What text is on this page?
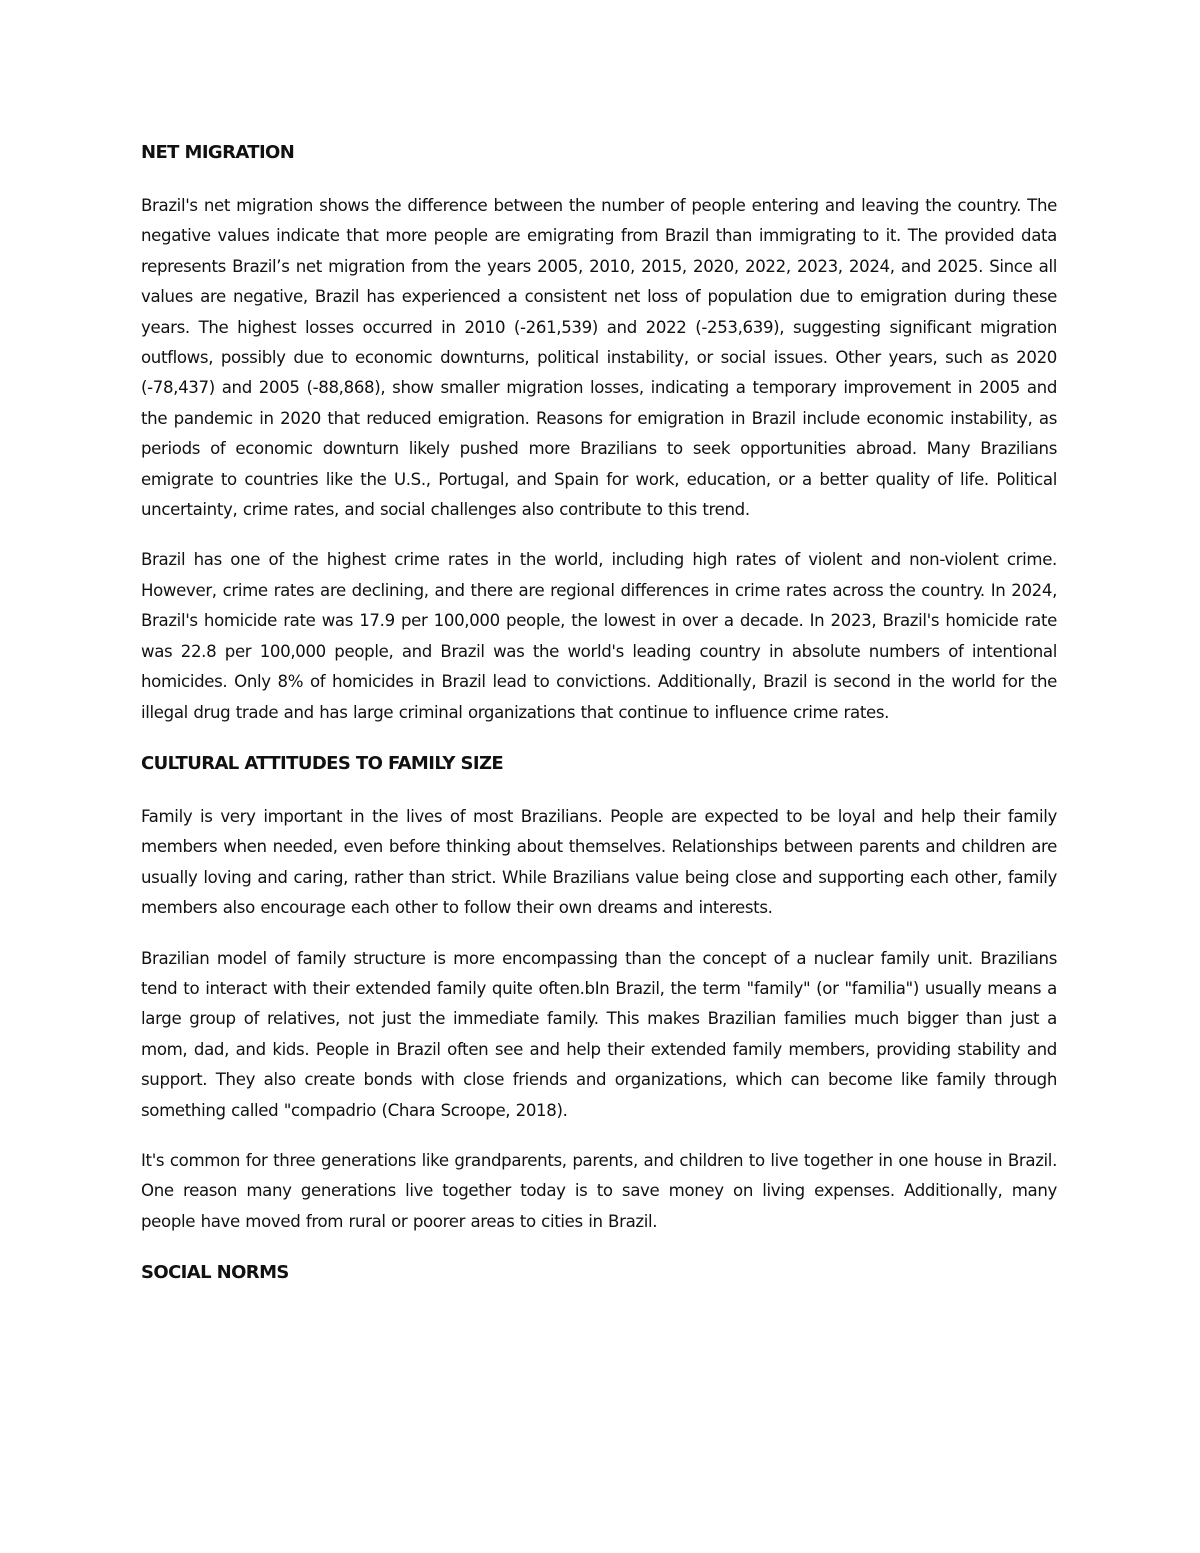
NET MIGRATION

Brazil's net migration shows the difference between the number of people entering and leaving the country. The negative values indicate that more people are emigrating from Brazil than immigrating to it. The provided data represents Brazil’s net migration from the years 2005, 2010, 2015, 2020, 2022, 2023, 2024, and 2025. Since all values are negative, Brazil has experienced a consistent net loss of population due to emigration during these years. The highest losses occurred in 2010 (-261,539) and 2022 (-253,639), suggesting significant migration outflows, possibly due to economic downturns, political instability, or social issues. Other years, such as 2020 (-78,437) and 2005 (-88,868), show smaller migration losses, indicating a temporary improvement in 2005 and the pandemic in 2020 that reduced emigration. Reasons for emigration in Brazil include economic instability, as periods of economic downturn likely pushed more Brazilians to seek opportunities abroad. Many Brazilians emigrate to countries like the U.S., Portugal, and Spain for work, education, or a better quality of life. Political uncertainty, crime rates, and social challenges also contribute to this trend.

Brazil has one of the highest crime rates in the world, including high rates of violent and non-violent crime. However, crime rates are declining, and there are regional differences in crime rates across the country. In 2024, Brazil's homicide rate was 17.9 per 100,000 people, the lowest in over a decade. In 2023, Brazil's homicide rate was 22.8 per 100,000 people, and Brazil was the world's leading country in absolute numbers of intentional homicides. Only 8% of homicides in Brazil lead to convictions. Additionally, Brazil is second in the world for the illegal drug trade and has large criminal organizations that continue to influence crime rates.

CULTURAL ATTITUDES TO FAMILY SIZE

Family is very important in the lives of most Brazilians. People are expected to be loyal and help their family members when needed, even before thinking about themselves. Relationships between parents and children are usually loving and caring, rather than strict. While Brazilians value being close and supporting each other, family members also encourage each other to follow their own dreams and interests.

Brazilian model of family structure is more encompassing than the concept of a nuclear family unit. Brazilians tend to interact with their extended family quite often.bIn Brazil, the term "family" (or "familia") usually means a large group of relatives, not just the immediate family. This makes Brazilian families much bigger than just a mom, dad, and kids. People in Brazil often see and help their extended family members, providing stability and support. They also create bonds with close friends and organizations, which can become like family through something called "compadrio (Chara Scroope, 2018).

It's common for three generations like grandparents, parents, and children to live together in one house in Brazil. One reason many generations live together today is to save money on living expenses. Additionally, many people have moved from rural or poorer areas to cities in Brazil.

SOCIAL NORMS
